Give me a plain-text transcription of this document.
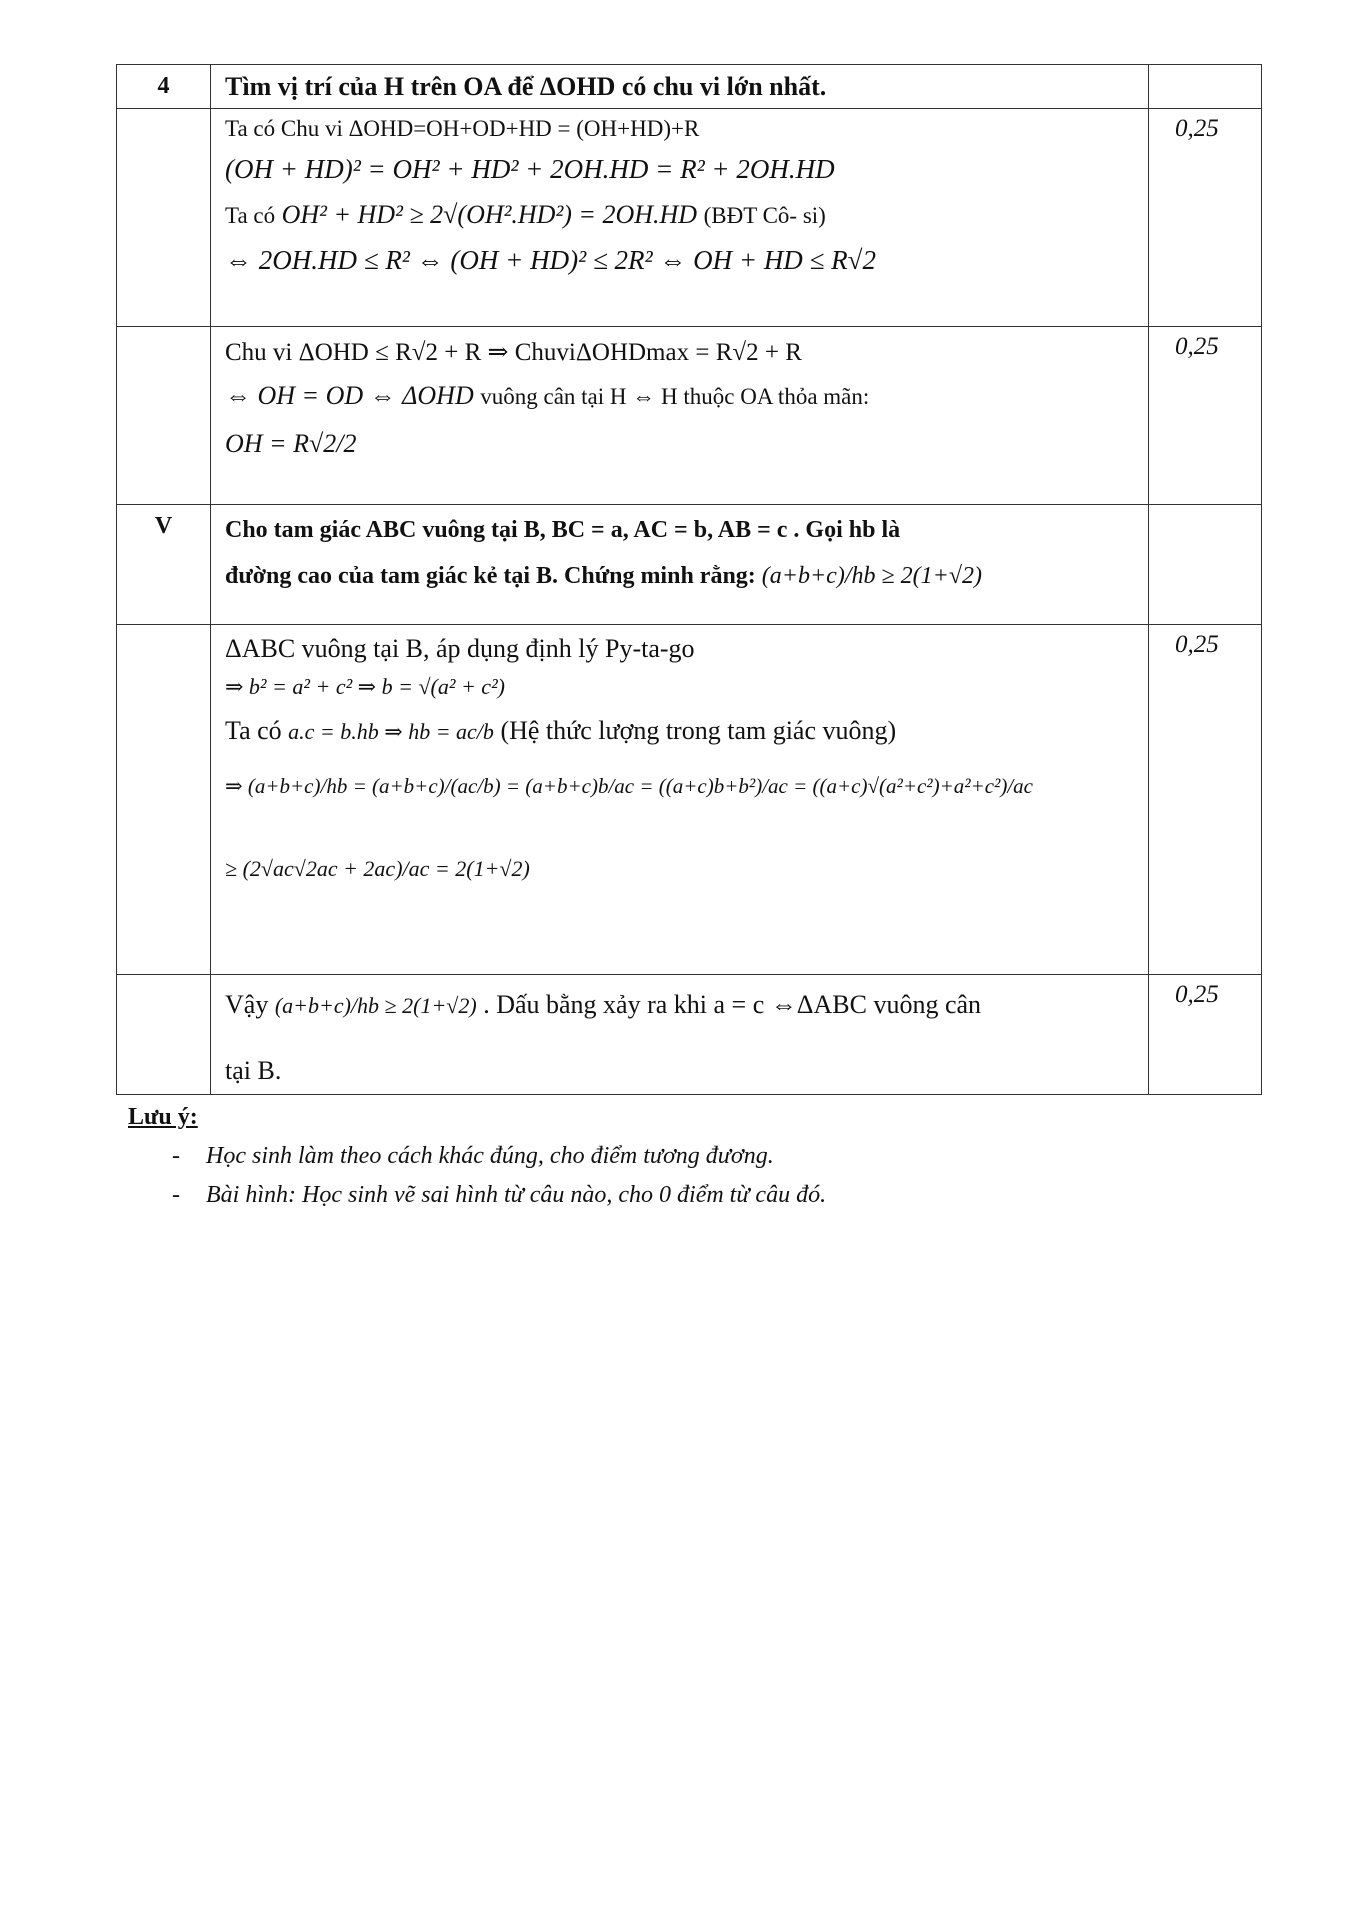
4	Tìm vị trí của H trên OA để ΔOHD có chu vi lớn nhất.	

	Ta có Chu vi ΔOHD=OH+OD+HD = (OH+HD)+R
(OH + HD)² = OH² + HD² + 2OH.HD = R² + 2OH.HD
Ta có OH² + HD² ≥ 2√(OH².HD²) = 2OH.HD (BĐT Cô- si)
⇔ 2OH.HD ≤ R² ⇔ (OH + HD)² ≤ 2R² ⇔ OH + HD ≤ R√2	0,25

	Chu vi ΔOHD ≤ R√2 + R ⇒ ChuviΔOHDmax = R√2 + R
⇔ OH = OD ⇔ ΔOHD vuông cân tại H ⇔ H thuộc OA thỏa mãn:
OH = R√2/2	0,25

V	Cho tam giác ABC vuông tại B, BC = a, AC = b, AB = c . Gọi hb là
đường cao của tam giác kẻ tại B. Chứng minh rằng: (a+b+c)/hb ≥ 2(1+√2)	

	ΔABC vuông tại B, áp dụng định lý Py-ta-go
⇒ b² = a² + c² ⇒ b = √(a² + c²)
Ta có a.c = b.hb ⇒ hb = ac/b (Hệ thức lượng trong tam giác vuông)
⇒ (a+b+c)/hb = (a+b+c)/(ac/b) = (a+b+c)b/ac = ((a+c)b+b²)/ac = ((a+c)√(a²+c²)+a²+c²)/ac
≥ (2√ac√2ac + 2ac)/ac = 2(1+√2)	0,25

	Vậy (a+b+c)/hb ≥ 2(1+√2) . Dấu bằng xảy ra khi a = c ⇔ΔABC vuông cân
tại B.	0,25
Lưu ý:
- Học sinh làm theo cách khác đúng, cho điểm tương đương.
- Bài hình: Học sinh vẽ sai hình từ câu nào, cho 0 điểm từ câu đó.
